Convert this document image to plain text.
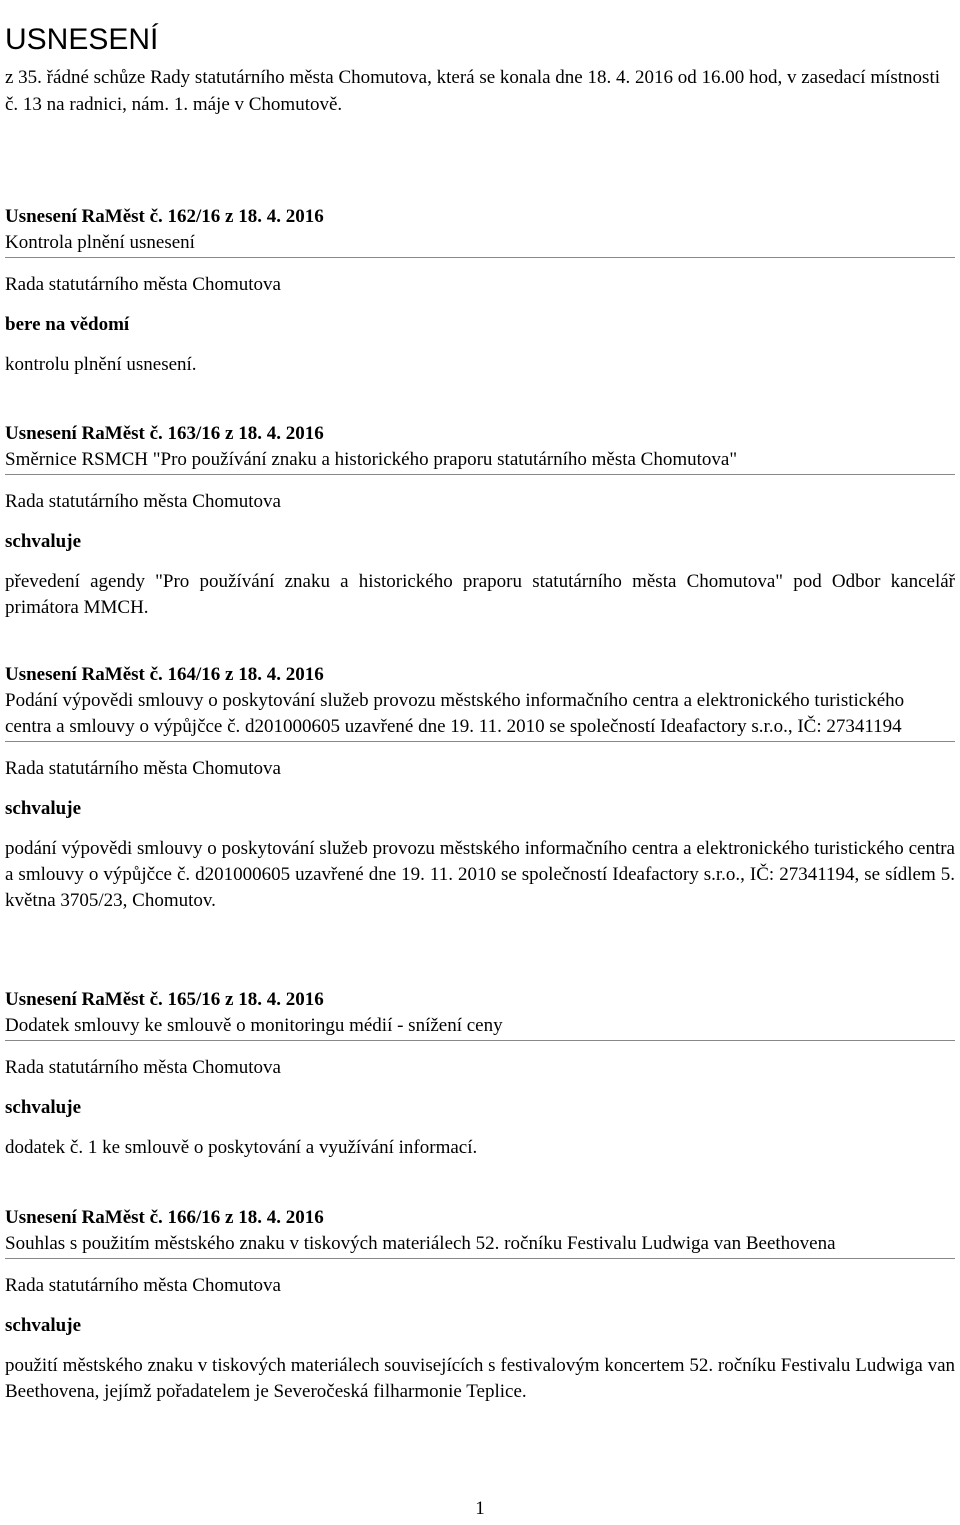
USNESENÍ
z 35. řádné schůze Rady statutárního města Chomutova, která se konala dne 18. 4. 2016 od 16.00 hod, v zasedací místnosti č. 13 na radnici, nám. 1. máje v Chomutově.
Usnesení RaMěst č. 162/16 z 18. 4. 2016
Kontrola plnění usnesení
Rada statutárního města Chomutova
bere na vědomí
kontrolu plnění usnesení.
Usnesení RaMěst č. 163/16 z 18. 4. 2016
Směrnice RSMCH "Pro používání znaku a historického praporu statutárního města Chomutova"
Rada statutárního města Chomutova
schvaluje
převedení agendy "Pro používání znaku a historického praporu statutárního města Chomutova" pod Odbor kancelář primátora MMCH.
Usnesení RaMěst č. 164/16 z 18. 4. 2016
Podání výpovědi smlouvy o poskytování služeb provozu městského informačního centra a elektronického turistického centra a smlouvy o výpůjčce č. d201000605 uzavřené dne 19. 11. 2010 se společností Ideafactory s.r.o., IČ: 27341194
Rada statutárního města Chomutova
schvaluje
podání výpovědi smlouvy o poskytování služeb provozu městského informačního centra a elektronického turistického centra a smlouvy o výpůjčce č. d201000605 uzavřené dne 19. 11. 2010 se společností Ideafactory s.r.o., IČ: 27341194, se sídlem 5. května 3705/23, Chomutov.
Usnesení RaMěst č. 165/16 z 18. 4. 2016
Dodatek smlouvy ke smlouvě o monitoringu médií - snížení ceny
Rada statutárního města Chomutova
schvaluje
dodatek č. 1 ke smlouvě o poskytování a využívání informací.
Usnesení RaMěst č. 166/16 z 18. 4. 2016
Souhlas s použitím městského znaku v tiskových materiálech 52. ročníku Festivalu Ludwiga van Beethovena
Rada statutárního města Chomutova
schvaluje
použití městského znaku v tiskových materiálech souvisejících s festivalovým koncertem 52. ročníku Festivalu Ludwiga van Beethovena, jejímž pořadatelem je Severočeská filharmonie Teplice.
1
